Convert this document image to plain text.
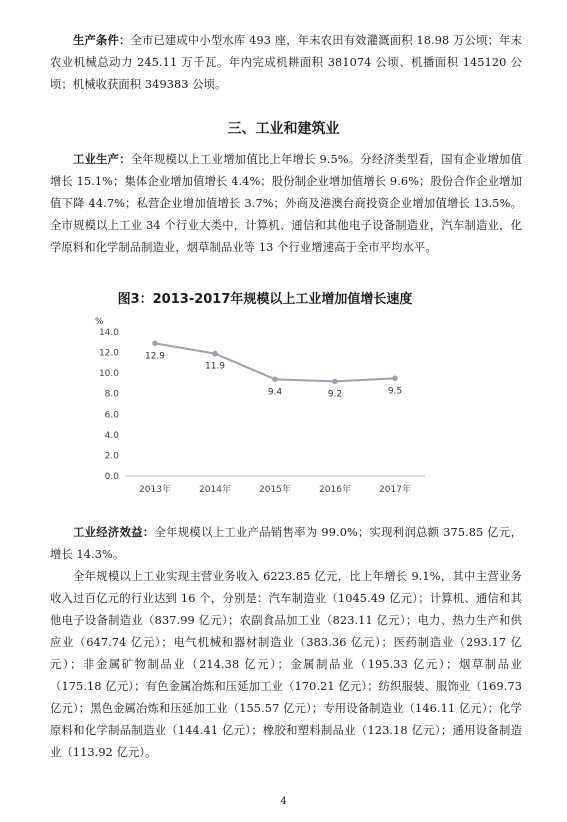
生产条件：全市已建成中小型水库 493 座，年末农田有效灌溉面积 18.98 万公顷；年末农业机械总动力 245.11 万千瓦。年内完成机耕面积 381074 公顷、机播面积 145120 公顷；机械收获面积 349383 公顷。

三、工业和建筑业

工业生产：全年规模以上工业增加值比上年增长 9.5%。分经济类型看，国有企业增加值增长 15.1%；集体企业增加值增长 4.4%；股份制企业增加值增长 9.6%；股份合作企业增加值下降 44.7%；私营企业增加值增长 3.7%；外商及港澳台商投资企业增加值增长 13.5%。全市规模以上工业 34 个行业大类中，计算机、通信和其他电子设备制造业，汽车制造业，化学原料和化学制品制造业，烟草制品业等 13 个行业增速高于全市平均水平。

图3：2013-2017年规模以上工业增加值增长速度
%
0.0
2.0
4.0
6.0
8.0
10.0
12.0
14.0
2013年	2014年	2015年	2016年	2017年
12.9
11.9
9.4	9.2	9.5

工业经济效益：全年规模以上工业产品销售率为 99.0%；实现利润总额 375.85 亿元，增长 14.3%。

全年规模以上工业实现主营业务收入 6223.85 亿元，比上年增长 9.1%，其中主营业务收入过百亿元的行业达到 16 个，分别是：汽车制造业（1045.49 亿元）；计算机、通信和其他电子设备制造业（837.99 亿元）；农副食品加工业（823.11 亿元）；电力、热力生产和供应业（647.74 亿元）；电气机械和器材制造业（383.36 亿元）；医药制造业（293.17 亿元）；非金属矿物制品业（214.38 亿元）；金属制品业（195.33 亿元）；烟草制品业（175.18 亿元）；有色金属冶炼和压延加工业（170.21 亿元）；纺织服装、服饰业（169.73 亿元）；黑色金属冶炼和压延加工业（155.57 亿元）；专用设备制造业（146.11 亿元）；化学原料和化学制品制造业（144.41 亿元）；橡胶和塑料制品业（123.18 亿元）；通用设备制造业（113.92 亿元）。

4
